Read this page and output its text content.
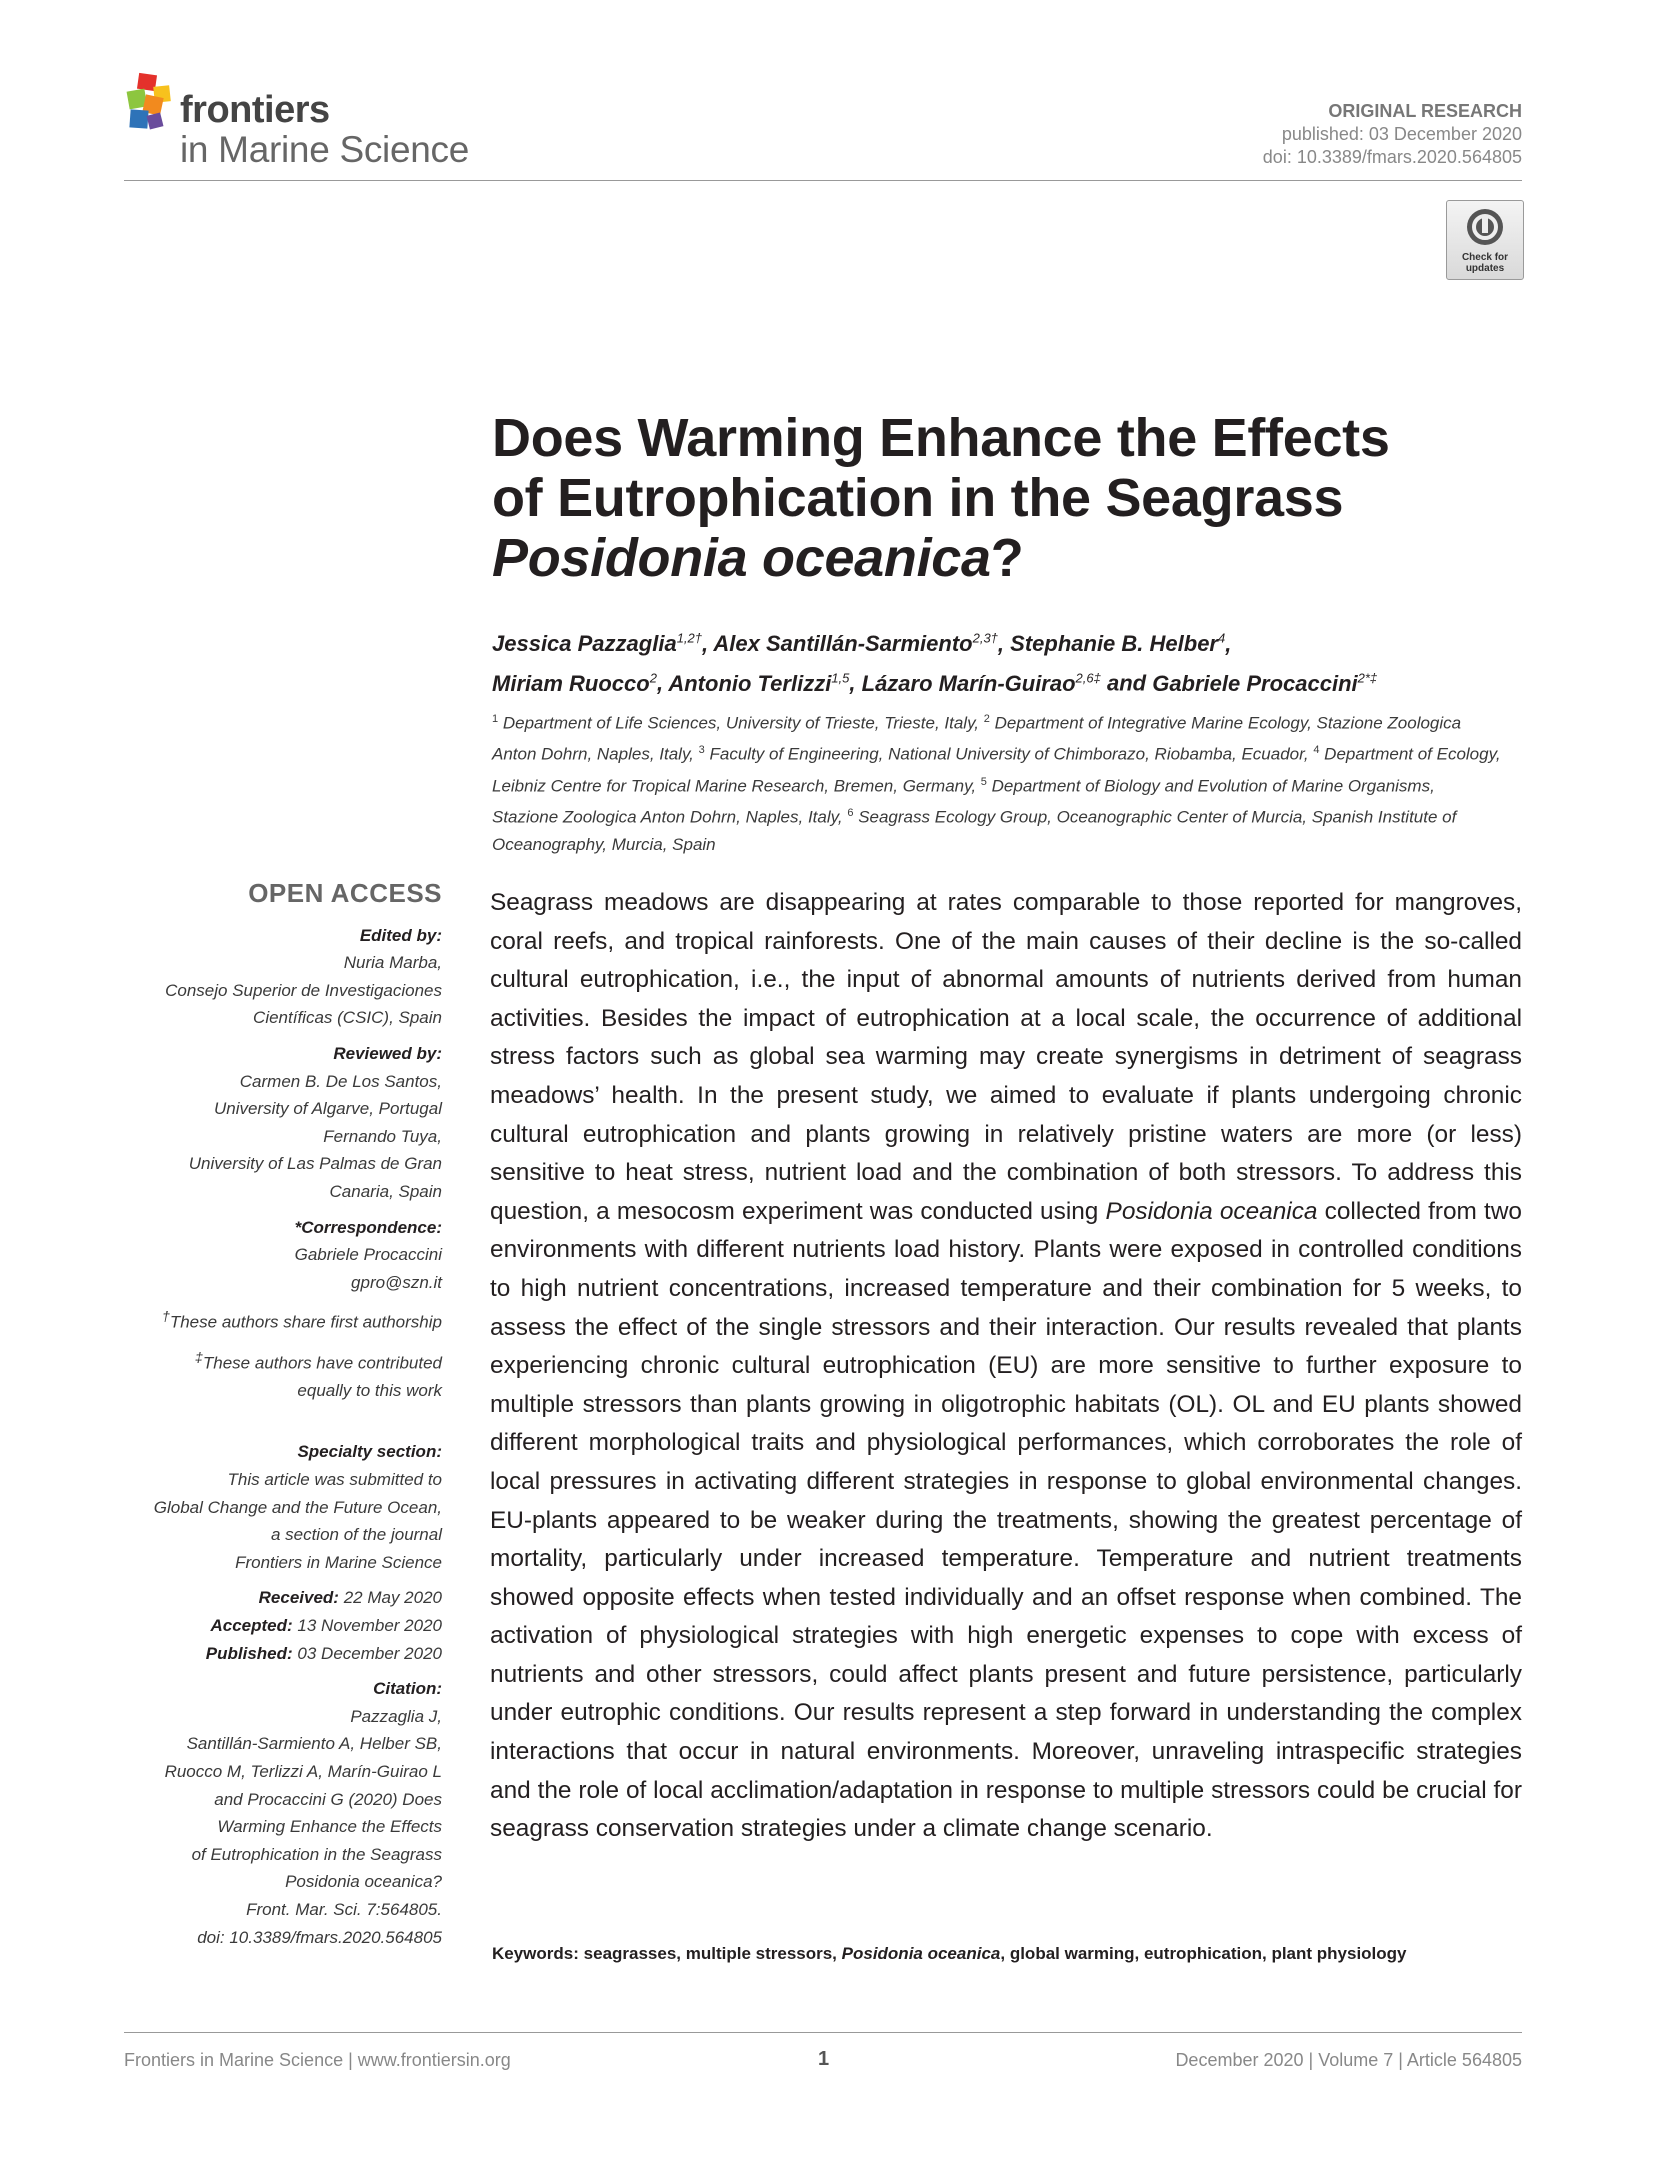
frontiers
in Marine Science
ORIGINAL RESEARCH
published: 03 December 2020
doi: 10.3389/fmars.2020.564805
Check for updates
Does Warming Enhance the Effects
of Eutrophication in the Seagrass
Posidonia oceanica?
Jessica Pazzaglia$^{1,2\dagger}$, Alex Santillán-Sarmiento$^{2,3\dagger}$, Stephanie B. Helber$^4$,
Miriam Ruocco$^2$, Antonio Terlizzi$^{1,5}$, Lázaro Marín-Guirao$^{2,6\ddagger}$ and Gabriele Procaccini$^{2*\ddagger}$
$^1$ Department of Life Sciences, University of Trieste, Trieste, Italy, $^2$ Department of Integrative Marine Ecology, Stazione Zoologica Anton Dohrn, Naples, Italy, $^3$ Faculty of Engineering, National University of Chimborazo, Riobamba, Ecuador, $^4$ Department of Ecology, Leibniz Centre for Tropical Marine Research, Bremen, Germany, $^5$ Department of Biology and Evolution of Marine Organisms, Stazione Zoologica Anton Dohrn, Naples, Italy, $^6$ Seagrass Ecology Group, Oceanographic Center of Murcia, Spanish Institute of Oceanography, Murcia, Spain
OPEN ACCESS
Edited by:
Nuria Marba,
Consejo Superior de Investigaciones
Científicas (CSIC), Spain
Reviewed by:
Carmen B. De Los Santos,
University of Algarve, Portugal
Fernando Tuya,
University of Las Palmas de Gran
Canaria, Spain
*Correspondence:
Gabriele Procaccini
gpro@szn.it
†These authors share first authorship
‡These authors have contributed
equally to this work
Specialty section:
This article was submitted to
Global Change and the Future Ocean,
a section of the journal
Frontiers in Marine Science
Received: 22 May 2020
Accepted: 13 November 2020
Published: 03 December 2020
Citation:
Pazzaglia J,
Santillán-Sarmiento A, Helber SB,
Ruocco M, Terlizzi A, Marín-Guirao L
and Procaccini G (2020) Does
Warming Enhance the Effects
of Eutrophication in the Seagrass
Posidonia oceanica?
Front. Mar. Sci. 7:564805.
doi: 10.3389/fmars.2020.564805
Seagrass meadows are disappearing at rates comparable to those reported for mangroves, coral reefs, and tropical rainforests. One of the main causes of their decline is the so-called cultural eutrophication, i.e., the input of abnormal amounts of nutrients derived from human activities. Besides the impact of eutrophication at a local scale, the occurrence of additional stress factors such as global sea warming may create synergisms in detriment of seagrass meadows’ health. In the present study, we aimed to evaluate if plants undergoing chronic cultural eutrophication and plants growing in relatively pristine waters are more (or less) sensitive to heat stress, nutrient load and the combination of both stressors. To address this question, a mesocosm experiment was conducted using Posidonia oceanica collected from two environments with different nutrients load history. Plants were exposed in controlled conditions to high nutrient concentrations, increased temperature and their combination for 5 weeks, to assess the effect of the single stressors and their interaction. Our results revealed that plants experiencing chronic cultural eutrophication (EU) are more sensitive to further exposure to multiple stressors than plants growing in oligotrophic habitats (OL). OL and EU plants showed different morphological traits and physiological performances, which corroborates the role of local pressures in activating different strategies in response to global environmental changes. EU-plants appeared to be weaker during the treatments, showing the greatest percentage of mortality, particularly under increased temperature. Temperature and nutrient treatments showed opposite effects when tested individually and an offset response when combined. The activation of physiological strategies with high energetic expenses to cope with excess of nutrients and other stressors, could affect plants present and future persistence, particularly under eutrophic conditions. Our results represent a step forward in understanding the complex interactions that occur in natural environments. Moreover, unraveling intraspecific strategies and the role of local acclimation/adaptation in response to multiple stressors could be crucial for seagrass conservation strategies under a climate change scenario.
Keywords: seagrasses, multiple stressors, Posidonia oceanica, global warming, eutrophication, plant physiology
Frontiers in Marine Science | www.frontiersin.org	1	December 2020 | Volume 7 | Article 564805
